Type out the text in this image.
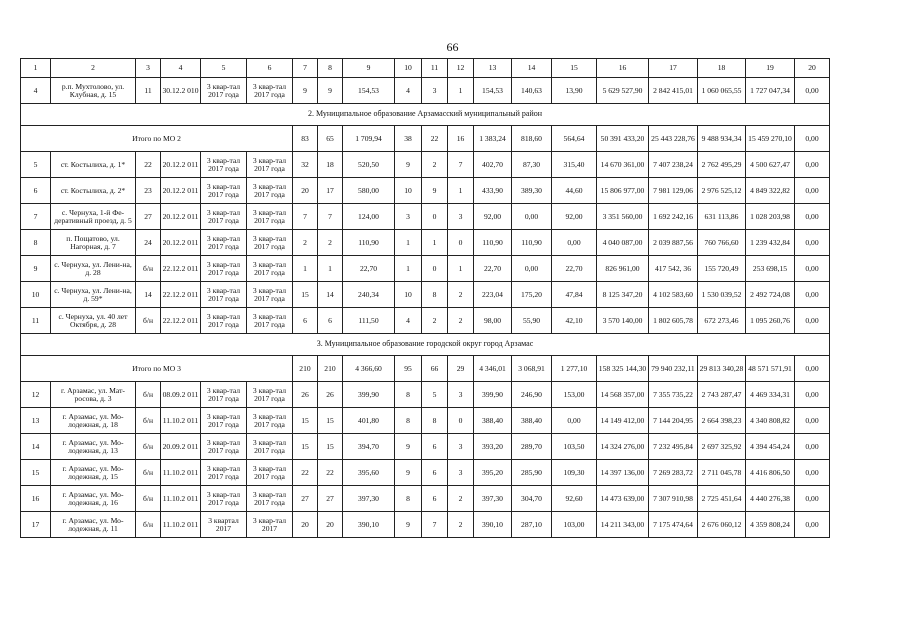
66
1	2	3	4	5	6	7	8	9	10	11	12	13	14	15	16	17	18	19	20
4	р.п. Мухтолово, ул. Клубная, д. 15	11	30.12.2 010	3 квар-тал 2017 года	3 квар-тал 2017 года	9	9	154,53	4	3	1	154,53	140,63	13,90	5 629 527,90	2 842 415,01	1 060 065,55	1 727 047,34	0,00
2. Муниципальное образование Арзамасский муниципальный район																			
Итого по МО 2						83	65	1 709,94	38	22	16	1 383,24	818,60	564,64	50 391 433,20	25 443 228,76	9 488 934,34	15 459 270,10	0,00
5	ст. Костылиха, д. 1*	22	20.12.2 011	3 квар-тал 2017 года	3 квар-тал 2017 года	32	18	520,50	9	2	7	402,70	87,30	315,40	14 670 361,00	7 407 238,24	2 762 495,29	4 500 627,47	0,00
6	ст. Костылиха, д. 2*	23	20.12.2 011	3 квар-тал 2017 года	3 квар-тал 2017 года	20	17	580,00	10	9	1	433,90	389,30	44,60	15 806 977,00	7 981 129,06	2 976 525,12	4 849 322,82	0,00
7	с. Чернуха, 1-й Фе-деративный проезд, д. 5	27	20.12.2 011	3 квар-тал 2017 года	3 квар-тал 2017 года	7	7	124,00	3	0	3	92,00	0,00	92,00	3 351 560,00	1 692 242,16	631 113,86	1 028 203,98	0,00
8	п. Пощатово, ул. Нагорная, д. 7	24	20.12.2 011	3 квар-тал 2017 года	3 квар-тал 2017 года	2	2	110,90	1	1	0	110,90	110,90	0,00	4 040 087,00	2 039 887,56	760 766,60	1 239 432,84	0,00
9	с. Чернуха, ул. Лени-на, д. 28	б/н	22.12.2 011	3 квар-тал 2017 года	3 квар-тал 2017 года	1	1	22,70	1	0	1	22,70	0,00	22,70	826 961,00	417 542, 36	155 720,49	253 698,15	0,00
10	с. Чернуха, ул. Лени-на, д. 59*	14	22.12.2 011	3 квар-тал 2017 года	3 квар-тал 2017 года	15	14	240,34	10	8	2	223,04	175,20	47,84	8 125 347,20	4 102 583,60	1 530 039,52	2 492 724,08	0,00
11	с. Чернуха, ул. 40 лет Октября, д. 28	б/н	22.12.2 011	3 квар-тал 2017 года	3 квар-тал 2017 года	6	6	111,50	4	2	2	98,00	55,90	42,10	3 570 140,00	1 802 605,78	672 273,46	1 095 260,76	0,00
3. Муниципальное образование городской округ город Арзамас																			
Итого по МО 3						210	210	4 366,60	95	66	29	4 346,01	3 068,91	1 277,10	158 325 144,30	79 940 232,11	29 813 340,28	48 571 571,91	0,00
12	г. Арзамас, ул. Мат-росова, д. 3	б/н	08.09.2 011	3 квар-тал 2017 года	3 квар-тал 2017 года	26	26	399,90	8	5	3	399,90	246,90	153,00	14 568 357,00	7 355 735,22	2 743 287,47	4 469 334,31	0,00
13	г. Арзамас, ул. Мо-лодежная, д. 18	б/н	11.10.2 011	3 квар-тал 2017 года	3 квар-тал 2017 года	15	15	401,80	8	8	0	388,40	388,40	0,00	14 149 412,00	7 144 204,95	2 664 398,23	4 340 808,82	0,00
14	г. Арзамас, ул. Мо-лодежная, д. 13	б/н	20.09.2 011	3 квар-тал 2017 года	3 квар-тал 2017 года	15	15	394,70	9	6	3	393,20	289,70	103,50	14 324 276,00	7 232 495,84	2 697 325,92	4 394 454,24	0,00
15	г. Арзамас, ул. Мо-лодежная, д. 15	б/н	11.10.2 011	3 квар-тал 2017 года	3 квар-тал 2017 года	22	22	395,60	9	6	3	395,20	285,90	109,30	14 397 136,00	7 269 283,72	2 711 045,78	4 416 806,50	0,00
16	г. Арзамас, ул. Мо-лодежная, д. 16	б/н	11.10.2 011	3 квар-тал 2017 года	3 квар-тал 2017 года	27	27	397,30	8	6	2	397,30	304,70	92,60	14 473 639,00	7 307 910,98	2 725 451,64	4 440 276,38	0,00
17	г. Арзамас, ул. Мо-лодежная, д. 11	б/н	11.10.2 011	3 квартал 2017	3 квар-тал 2017	20	20	390,10	9	7	2	390,10	287,10	103,00	14 211 343,00	7 175 474,64	2 676 060,12	4 359 808,24	0,00
